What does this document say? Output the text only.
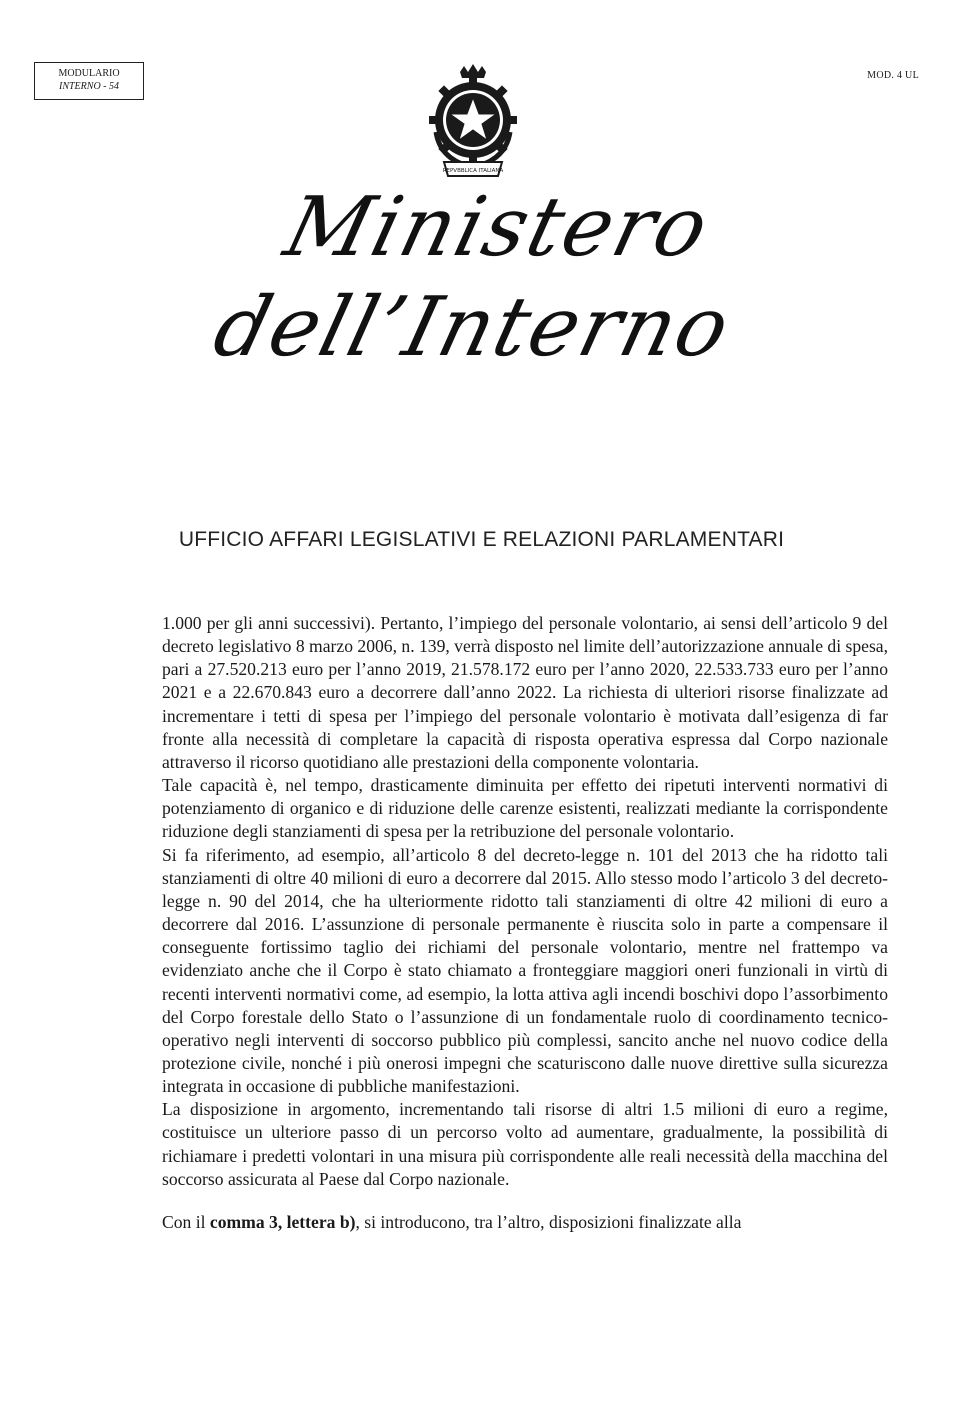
MODULARIO
INTERNO - 54
MOD. 4 UL
REPVBBLICA ITALIANA
Ministero dell’Interno
UFFICIO AFFARI LEGISLATIVI E RELAZIONI PARLAMENTARI

1.000 per gli anni successivi). Pertanto, l’impiego del personale volontario, ai sensi dell’articolo 9 del decreto legislativo 8 marzo 2006, n. 139, verrà disposto nel limite dell’autorizzazione annuale di spesa, pari a 27.520.213 euro per l’anno 2019, 21.578.172 euro per l’anno 2020, 22.533.733 euro per l’anno 2021 e a 22.670.843 euro a decorrere dall’anno 2022. La richiesta di ulteriori risorse finalizzate ad incrementare i tetti di spesa per l’impiego del personale volontario è motivata dall’esigenza di far fronte alla necessità di completare la capacità di risposta operativa espressa dal Corpo nazionale attraverso il ricorso quotidiano alle prestazioni della componente volontaria.

Tale capacità è, nel tempo, drasticamente diminuita per effetto dei ripetuti interventi normativi di potenziamento di organico e di riduzione delle carenze esistenti, realizzati mediante la corrispondente riduzione degli stanziamenti di spesa per la retribuzione del personale volontario.

Si fa riferimento, ad esempio, all’articolo 8 del decreto-legge n. 101 del 2013 che ha ridotto tali stanziamenti di oltre 40 milioni di euro a decorrere dal 2015. Allo stesso modo l’articolo 3 del decreto- legge n. 90 del 2014, che ha ulteriormente ridotto tali stanziamenti di oltre 42 milioni di euro a decorrere dal 2016. L’assunzione di personale permanente è riuscita solo in parte a compensare il conseguente fortissimo taglio dei richiami del personale volontario, mentre nel frattempo va evidenziato anche che il Corpo è stato chiamato a fronteggiare maggiori oneri funzionali in virtù di recenti interventi normativi come, ad esempio, la lotta attiva agli incendi boschivi dopo l’assorbimento del Corpo forestale dello Stato o l’assunzione di un fondamentale ruolo di coordinamento tecnico-operativo negli interventi di soccorso pubblico più complessi, sancito anche nel nuovo codice della protezione civile, nonché i più onerosi impegni che scaturiscono dalle nuove direttive sulla sicurezza integrata in occasione di pubbliche manifestazioni.

La disposizione in argomento, incrementando tali risorse di altri 1.5 milioni di euro a regime, costituisce un ulteriore passo di un percorso volto ad aumentare, gradualmente, la possibilità di richiamare i predetti volontari in una misura più corrispondente alle reali necessità della macchina del soccorso assicurata al Paese dal Corpo nazionale.

Con il comma 3, lettera b), si introducono, tra l’altro, disposizioni finalizzate alla
